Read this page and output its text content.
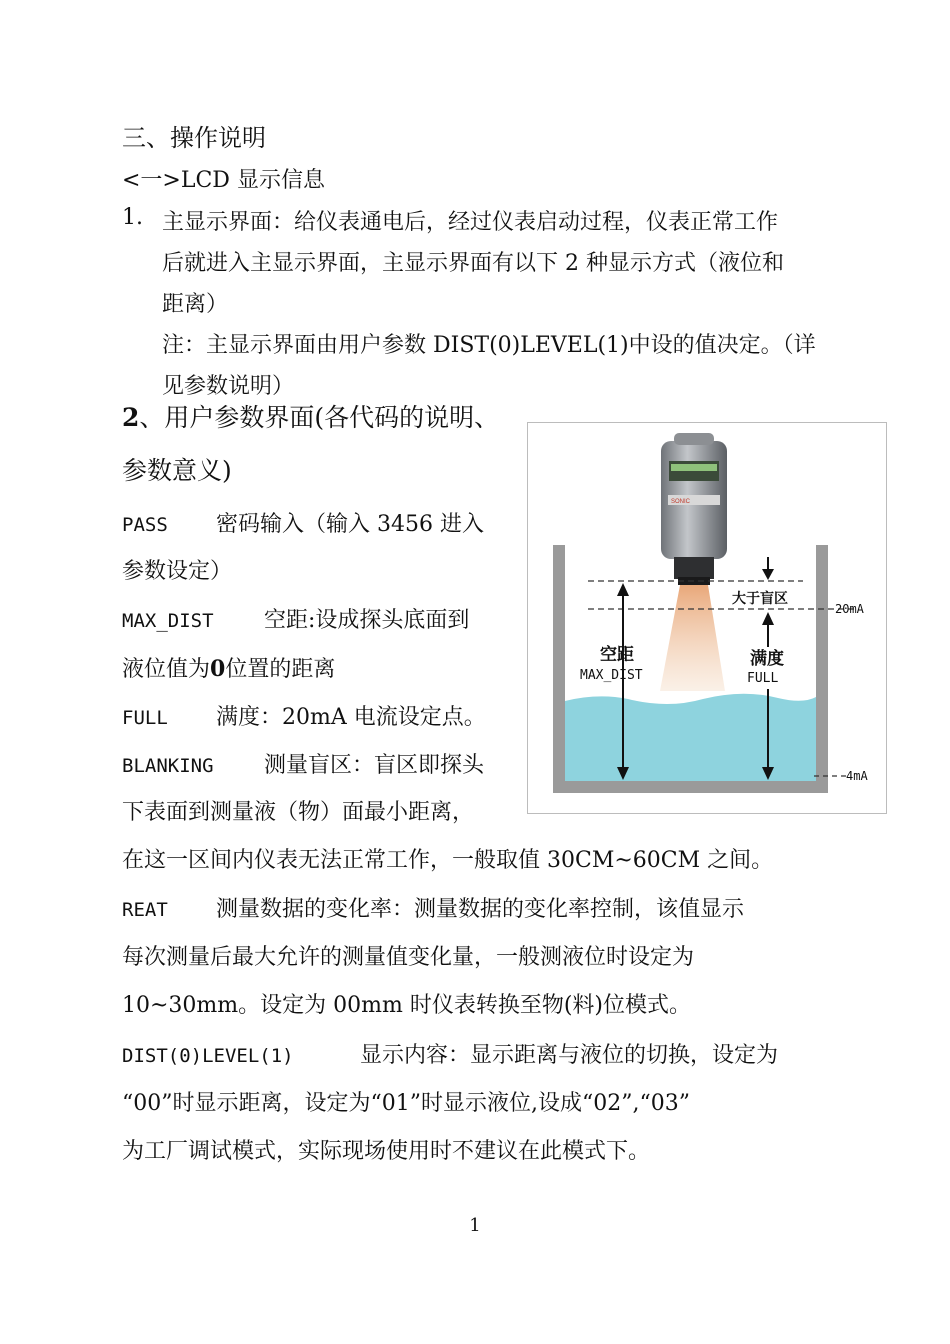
三、操作说明
<一>LCD 显示信息
1. 主显示界面：给仪表通电后，经过仪表启动过程，仪表正常工作
后就进入主显示界面，主显示界面有以下 2 种显示方式（液位和
距离）
注：主显示界面由用户参数 DIST(0)LEVEL(1)中设的值决定。（详
见参数说明）
2、用户参数界面(各代码的说明、
参数意义)
PASS 密码输入（输入 3456 进入
参数设定）
MAX_DIST 空距:设成探头底面到
液位值为0位置的距离
FULL 满度：20mA 电流设定点。
BLANKING 测量盲区：盲区即探头
下表面到测量液（物）面最小距离，
在这一区间内仪表无法正常工作，一般取值 30CM~60CM 之间。
REAT 测量数据的变化率：测量数据的变化率控制，该值显示
每次测量后最大允许的测量值变化量，一般测液位时设定为
10~30mm。设定为 00mm 时仪表转换至物(料)位模式。
DIST(0)LEVEL(1)	显示内容：显示距离与液位的切换，设定为
“00”时显示距离，设定为“01”时显示液位,设成“02”,“03”
为工厂调试模式，实际现场使用时不建议在此模式下。
SONIC
大于盲区
空距
MAX_DIST
满度
FULL
20mA
4mA
1
